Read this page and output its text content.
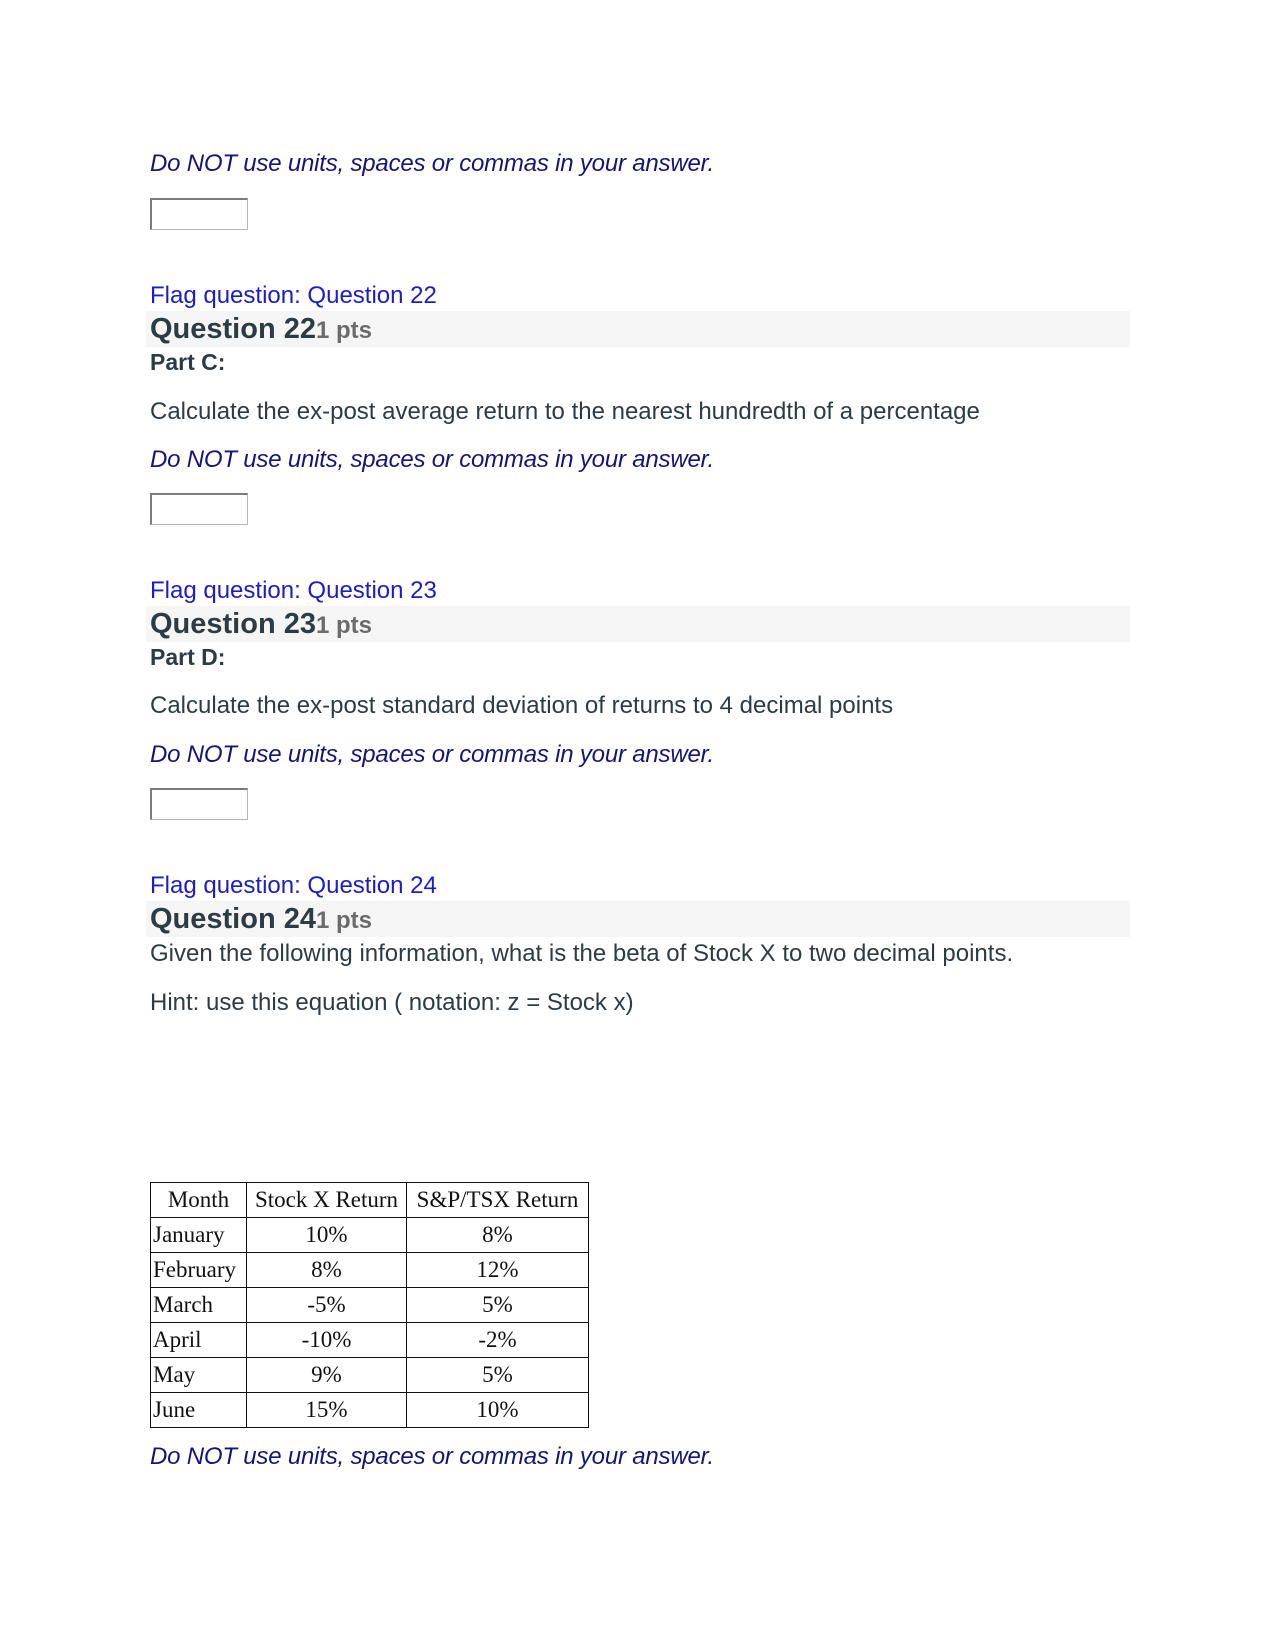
Do NOT use units, spaces or commas in your answer.
Flag question: Question 22
Question 221 pts
Part C:
Calculate the ex-post average return to the nearest hundredth of a percentage
Do NOT use units, spaces or commas in your answer.
Flag question: Question 23
Question 231 pts
Part D:
Calculate the ex-post standard deviation of returns to 4 decimal points
Do NOT use units, spaces or commas in your answer.
Flag question: Question 24
Question 241 pts
Given the following information, what is the beta of Stock X to two decimal points.
Hint: use this equation ( notation: z = Stock x)
Month	Stock X Return	S&P/TSX Return
January	10%	8%
February	8%	12%
March	-5%	5%
April	-10%	-2%
May	9%	5%
June	15%	10%
Do NOT use units, spaces or commas in your answer.
